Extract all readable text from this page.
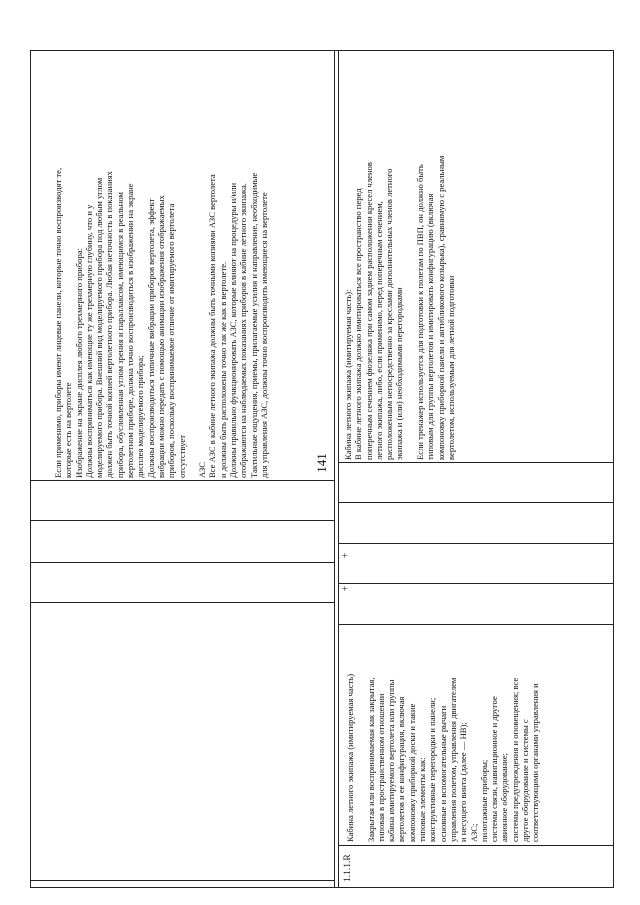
Если применимо, приборы имеют лицевые панели, которые точно воспроизводят те, которые есть на вертолете Изображение на экране дисплея любого трехмерного прибора: Должны восприниматься как имеющие ту же трехмерную глубину, что и у моделируемого прибора. Внешний вид моделируемого прибора под любым углом должен быть точной копией вертолетного прибора. Любая неточность в показаниях прибора, обусловленная углом зрения и параллаксом, имеющимся в реальном вертолетном приборе, должна точно воспроизводиться в изображении на экране дисплея моделируемого прибора; Должны воспроизводиться типичные вибрации приборов вертолета, эффект вибрации можно передать с помощью анимации изображения отображаемых приборов, поскольку воспринимаемое отличие от имитируемого вертолета отсутствует
АЗС Все АЗС в кабине летного экипажа должны быть точными копиями АЗС вертолета и должны быть расположены точно так же как в вертолете. Должны правильно функционировать АЗС, которые влияют на процедуры и/или отображаются на наблюдаемых показаниях приборов в кабине летного экипажа. Тактильные ощущения, приемы, прилагаемые усилия и направление, необходимые для управления АЗС, должны точно воспроизводить имеющиеся на вертолете	141
1.1.1.R
Кабина летного экипажа (имитируемая часть)
Закрытая или воспринимаемая как закрытая, типовая в пространственном отношении кабина имитируемого вертолета или группы вертолетов и ее конфигурация, включая компоновку приборной доски и такие типовые элементы как: конструктивные перегородки и панели; основные и вспомогательные рычаги управления полетом, управления двигателем и несущего винта (далее — НВ); АЗС; пилотажные приборы; системы связи, навигационное и другое авионное оборудование; системы предупреждения и оповещения; все другое оборудование и системы с соответствующими органами управления и
+
+
Кабина летного экипажа (имитируемая часть): В кабине летного экипажа должно имитироваться все пространство перед поперечным сечением фюзеляжа при самом заднем расположении кресел членов летного экипажа, либо, если применимо, перед поперечным сечением, расположенным непосредственно за креслами дополнительных членов летного экипажа и (или) необходимыми перегородками
Если тренажер используется для подготовки к полетам по ПВП, он должно быть типовым для группы вертолетов и имитировать конфигурацию (включая компоновку приборной панели и антибликового козырька), сравнимую с реальным вертолетом, используемым для летной подготовки
